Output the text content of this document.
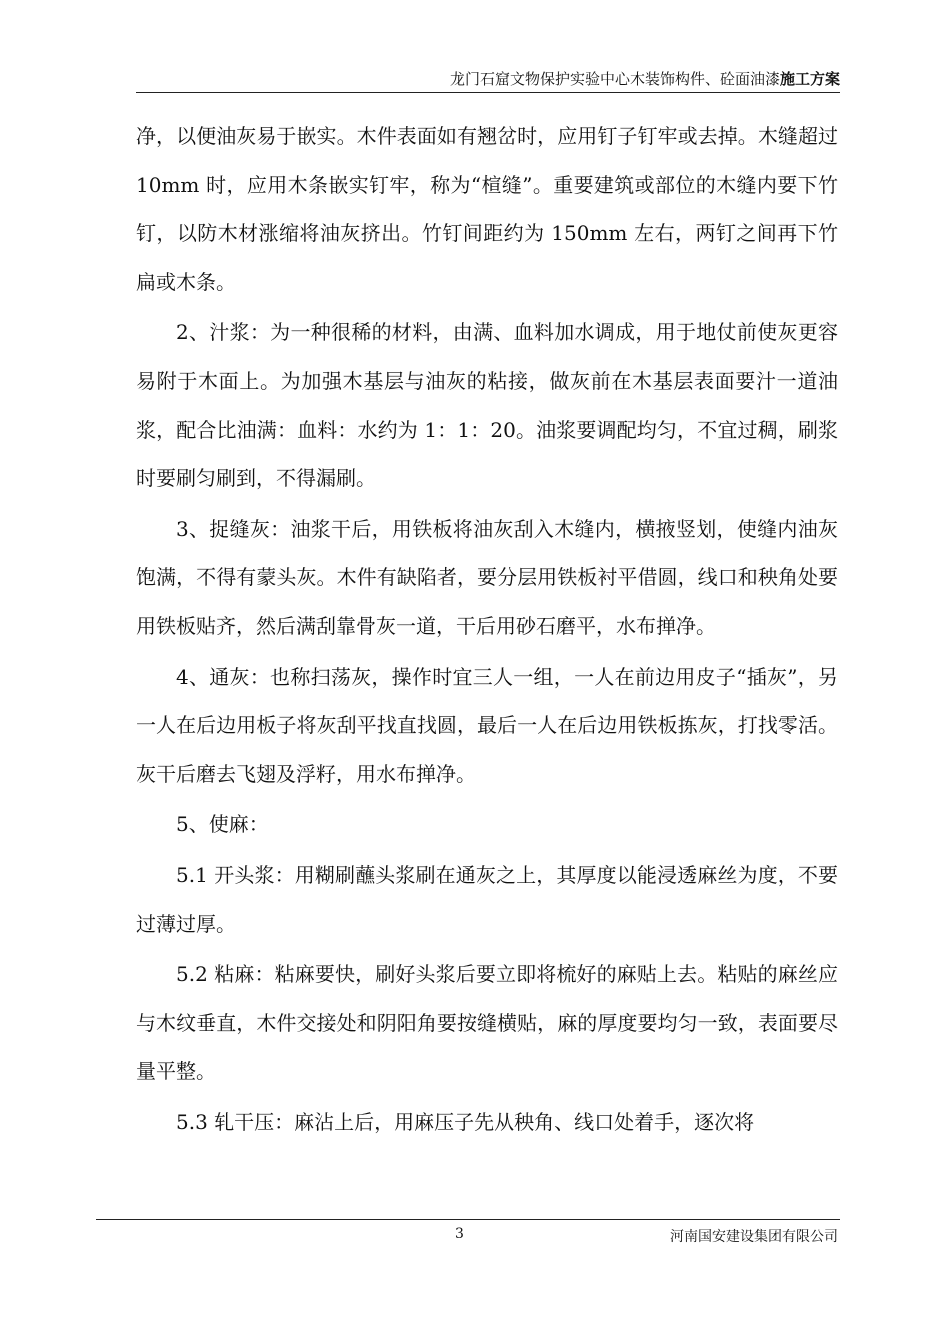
龙门石窟文物保护实验中心木装饰构件、砼面油漆施工方案

净，以便油灰易于嵌实。木件表面如有翘岔时，应用钉子钉牢或去掉。木缝超过 10mm 时，应用木条嵌实钉牢，称为“楦缝”。重要建筑或部位的木缝内要下竹钉，以防木材涨缩将油灰挤出。竹钉间距约为 150mm 左右，两钉之间再下竹扁或木条。

2、汁浆：为一种很稀的材料，由满、血料加水调成，用于地仗前使灰更容易附于木面上。为加强木基层与油灰的粘接，做灰前在木基层表面要汁一道油浆，配合比油满：血料：水约为 1：1：20。油浆要调配均匀，不宜过稠，刷浆时要刷匀刷到，不得漏刷。

3、捉缝灰：油浆干后，用铁板将油灰刮入木缝内，横掖竖划，使缝内油灰饱满，不得有蒙头灰。木件有缺陷者，要分层用铁板衬平借圆，线口和秧角处要用铁板贴齐，然后满刮靠骨灰一道，干后用砂石磨平，水布掸净。

4、通灰：也称扫荡灰，操作时宜三人一组，一人在前边用皮子“插灰”，另一人在后边用板子将灰刮平找直找圆，最后一人在后边用铁板拣灰，打找零活。灰干后磨去飞翅及浮籽，用水布掸净。

5、使麻：

5.1 开头浆：用糊刷蘸头浆刷在通灰之上，其厚度以能浸透麻丝为度，不要过薄过厚。

5.2 粘麻：粘麻要快，刷好头浆后要立即将梳好的麻贴上去。粘贴的麻丝应与木纹垂直，木件交接处和阴阳角要按缝横贴，麻的厚度要均匀一致，表面要尽量平整。

5.3 轧干压：麻沾上后，用麻压子先从秧角、线口处着手，逐次将

3	河南国安建设集团有限公司
